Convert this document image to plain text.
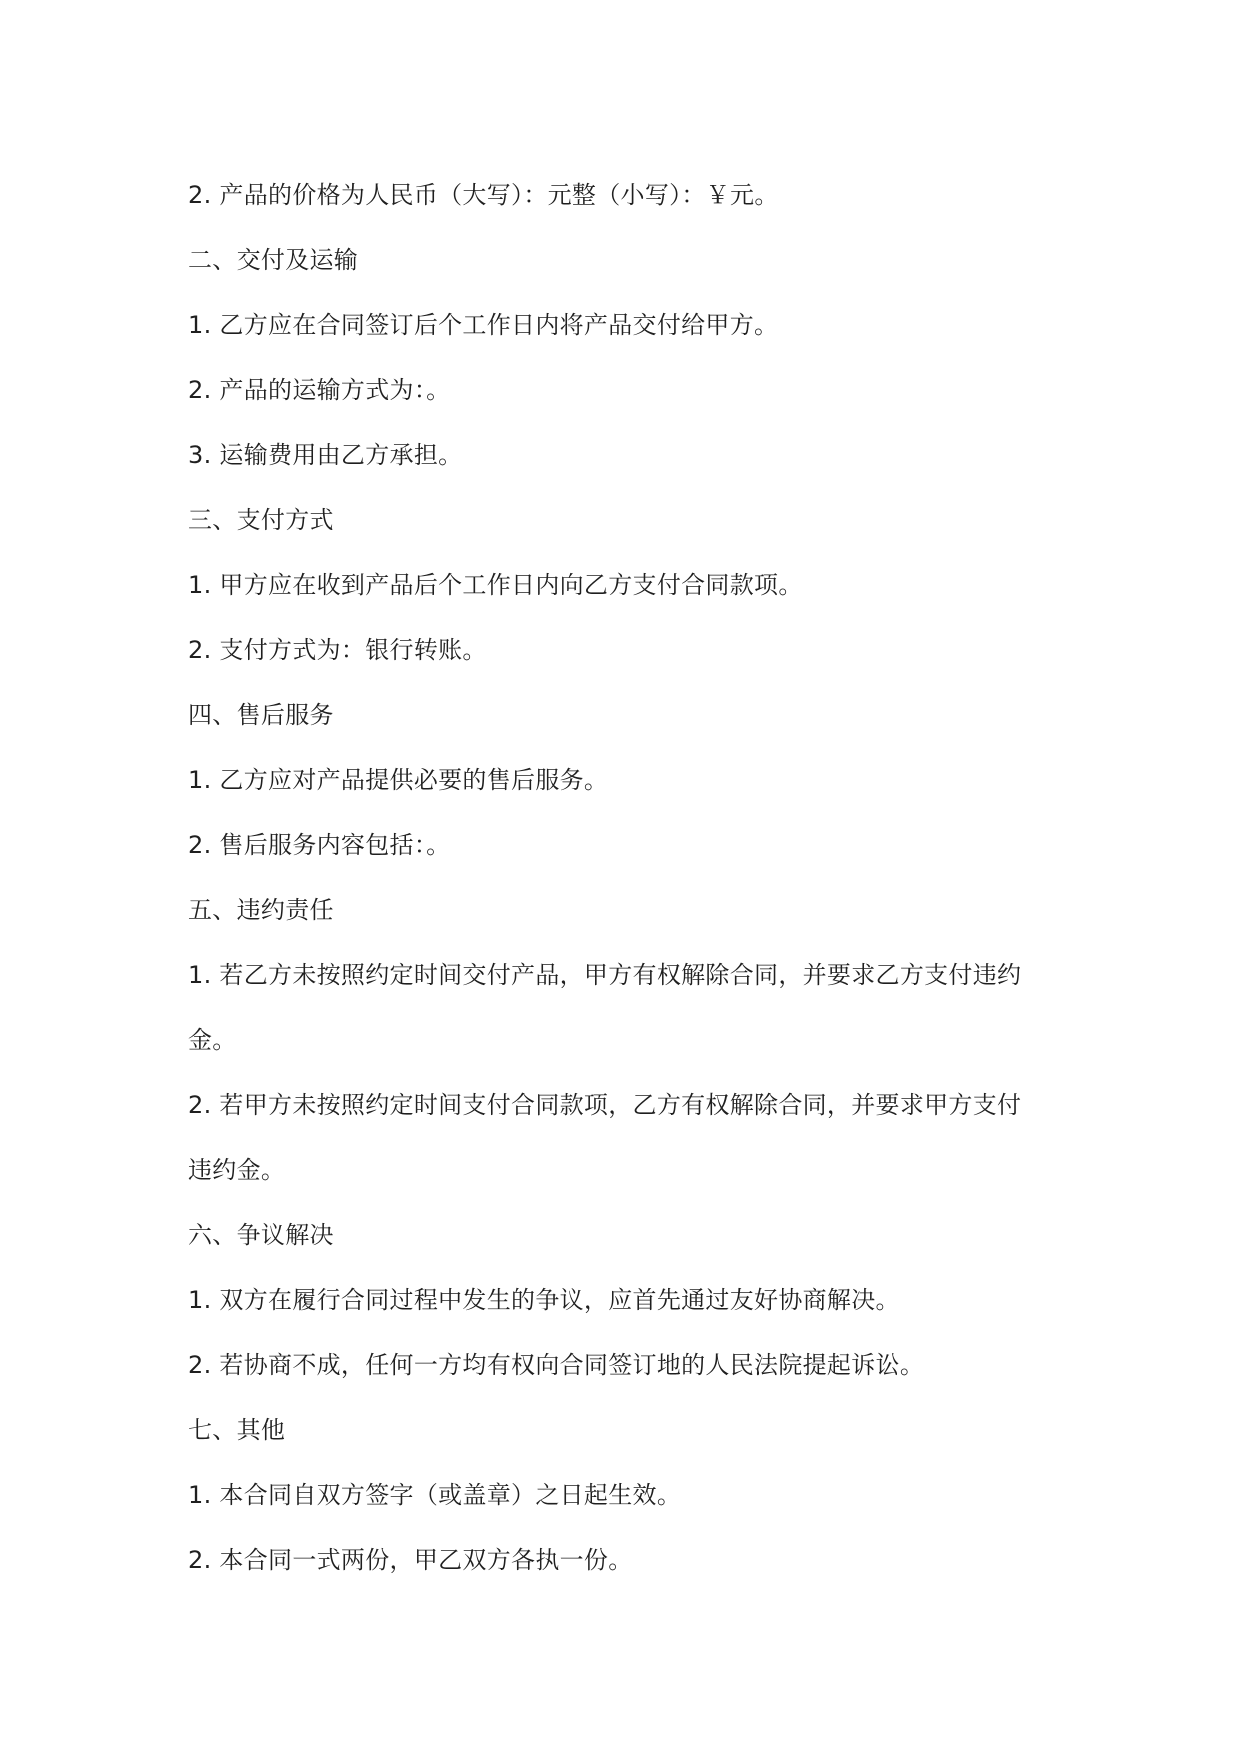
2. 产品的价格为人民币（大写）：元整（小写）：￥元。

二、交付及运输

1. 乙方应在合同签订后个工作日内将产品交付给甲方。

2. 产品的运输方式为：。

3. 运输费用由乙方承担。

三、支付方式

1. 甲方应在收到产品后个工作日内向乙方支付合同款项。

2. 支付方式为：银行转账。

四、售后服务

1. 乙方应对产品提供必要的售后服务。

2. 售后服务内容包括：。

五、违约责任

1. 若乙方未按照约定时间交付产品，甲方有权解除合同，并要求乙方支付违约

金。

2. 若甲方未按照约定时间支付合同款项，乙方有权解除合同，并要求甲方支付

违约金。

六、争议解决

1. 双方在履行合同过程中发生的争议，应首先通过友好协商解决。

2. 若协商不成，任何一方均有权向合同签订地的人民法院提起诉讼。

七、其他

1. 本合同自双方签字（或盖章）之日起生效。

2. 本合同一式两份，甲乙双方各执一份。
